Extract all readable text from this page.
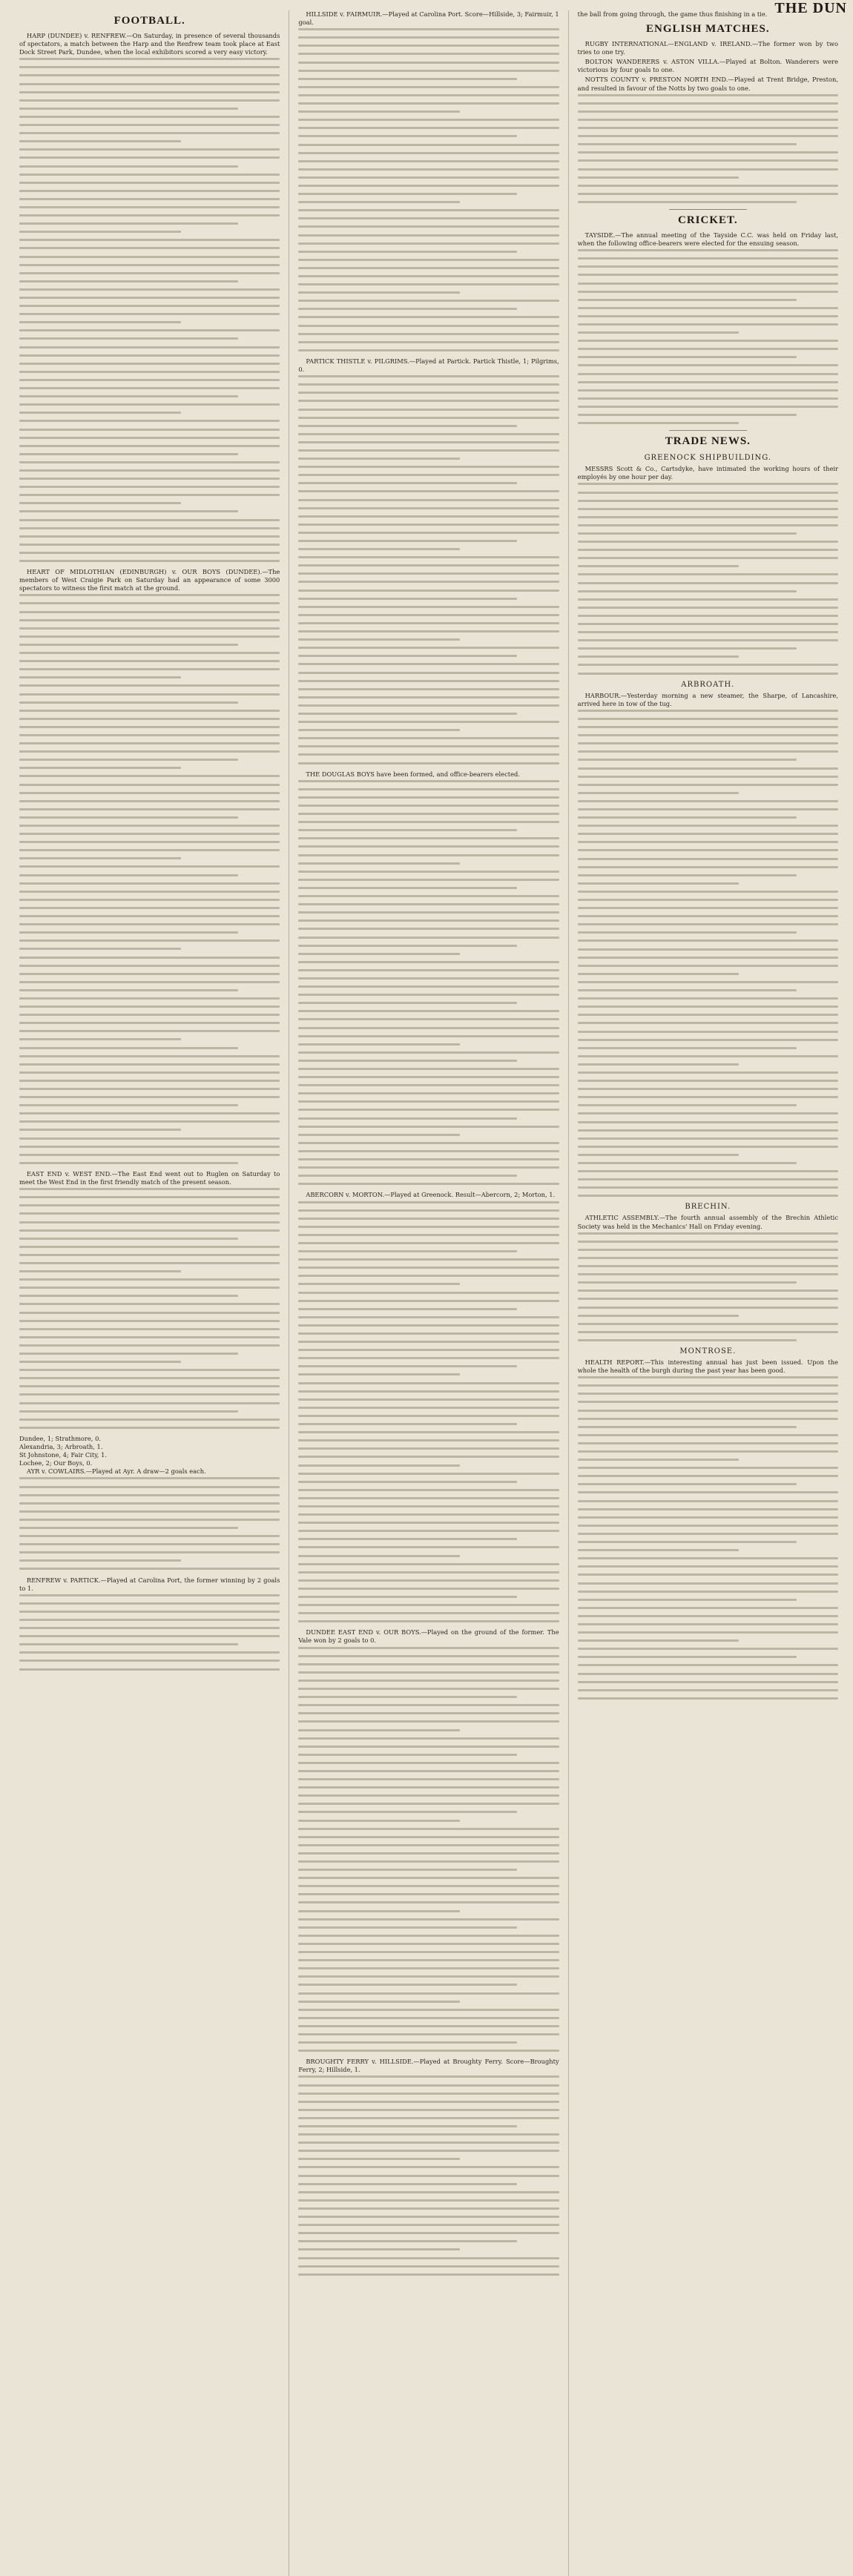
THE DUN
FOOTBALL.

HARP (DUNDEE) v. RENFREW.—On Saturday, in presence of several thousands of spectators, a match between the Harp and the Renfrew team took place at East Dock Street Park, Dundee, when the local exhibitors scored a very easy victory.

HEART OF MIDLOTHIAN (EDINBURGH) v. OUR BOYS (DUNDEE).—The members of West Craigie Park on Saturday had an appearance of some 3000 spectators to witness the first match at the ground.

EAST END v. WEST END.—The East End went out to Ruglen on Saturday to meet the West End in the first friendly match of the present season.

Dundee, 1; Strathmore, 0.
Alexandria, 3; Arbroath, 1.
St Johnstone, 4; Fair City, 1.
Lochee, 2; Our Boys, 0.

AYR v. COWLAIRS.—Played at Ayr. A draw—2 goals each.

RENFREW v. PARTICK.—Played at Carolina Port, the former winning by 2 goals to 1.

HILLSIDE v. FAIRMUIR.—Played at Carolina Port. Score—Hillside, 3; Fairmuir, 1 goal.

PARTICK THISTLE v. PILGRIMS.—Played at Partick. Partick Thistle, 1; Pilgrims, 0.

THE DOUGLAS BOYS have been formed, and office-bearers elected.

ABERCORN v. MORTON.—Played at Greenock. Result—Abercorn, 2; Morton, 1.

DUNDEE EAST END v. OUR BOYS.—Played on the ground of the former. The Vale won by 2 goals to 0.

BROUGHTY FERRY v. HILLSIDE.—Played at Broughty Ferry. Score—Broughty Ferry, 2; Hillside, 1.

the ball from going through, the game thus finishing in a tie.

ENGLISH MATCHES.

RUGBY INTERNATIONAL—ENGLAND v. IRELAND.—The former won by two tries to one try.

BOLTON WANDERERS v. ASTON VILLA.—Played at Bolton. Wanderers were victorious by four goals to one.

NOTTS COUNTY v. PRESTON NORTH END.—Played at Trent Bridge, Preston, and resulted in favour of the Notts by two goals to one.

CRICKET.

TAYSIDE.—The annual meeting of the Tayside C.C. was held on Friday last, when the following office-bearers were elected for the ensuing season.

TRADE NEWS.
GREENOCK SHIPBUILDING.

MESSRS Scott & Co., Cartsdyke, have intimated the working hours of their employés by one hour per day.

ARBROATH.

HARBOUR.—Yesterday morning a new steamer, the Sharpe, of Lancashire, arrived here in tow of the tug.

BRECHIN.

ATHLETIC ASSEMBLY.—The fourth annual assembly of the Brechin Athletic Society was held in the Mechanics' Hall on Friday evening.

MONTROSE.

HEALTH REPORT.—This interesting annual has just been issued. Upon the whole the health of the burgh during the past year has been good.
